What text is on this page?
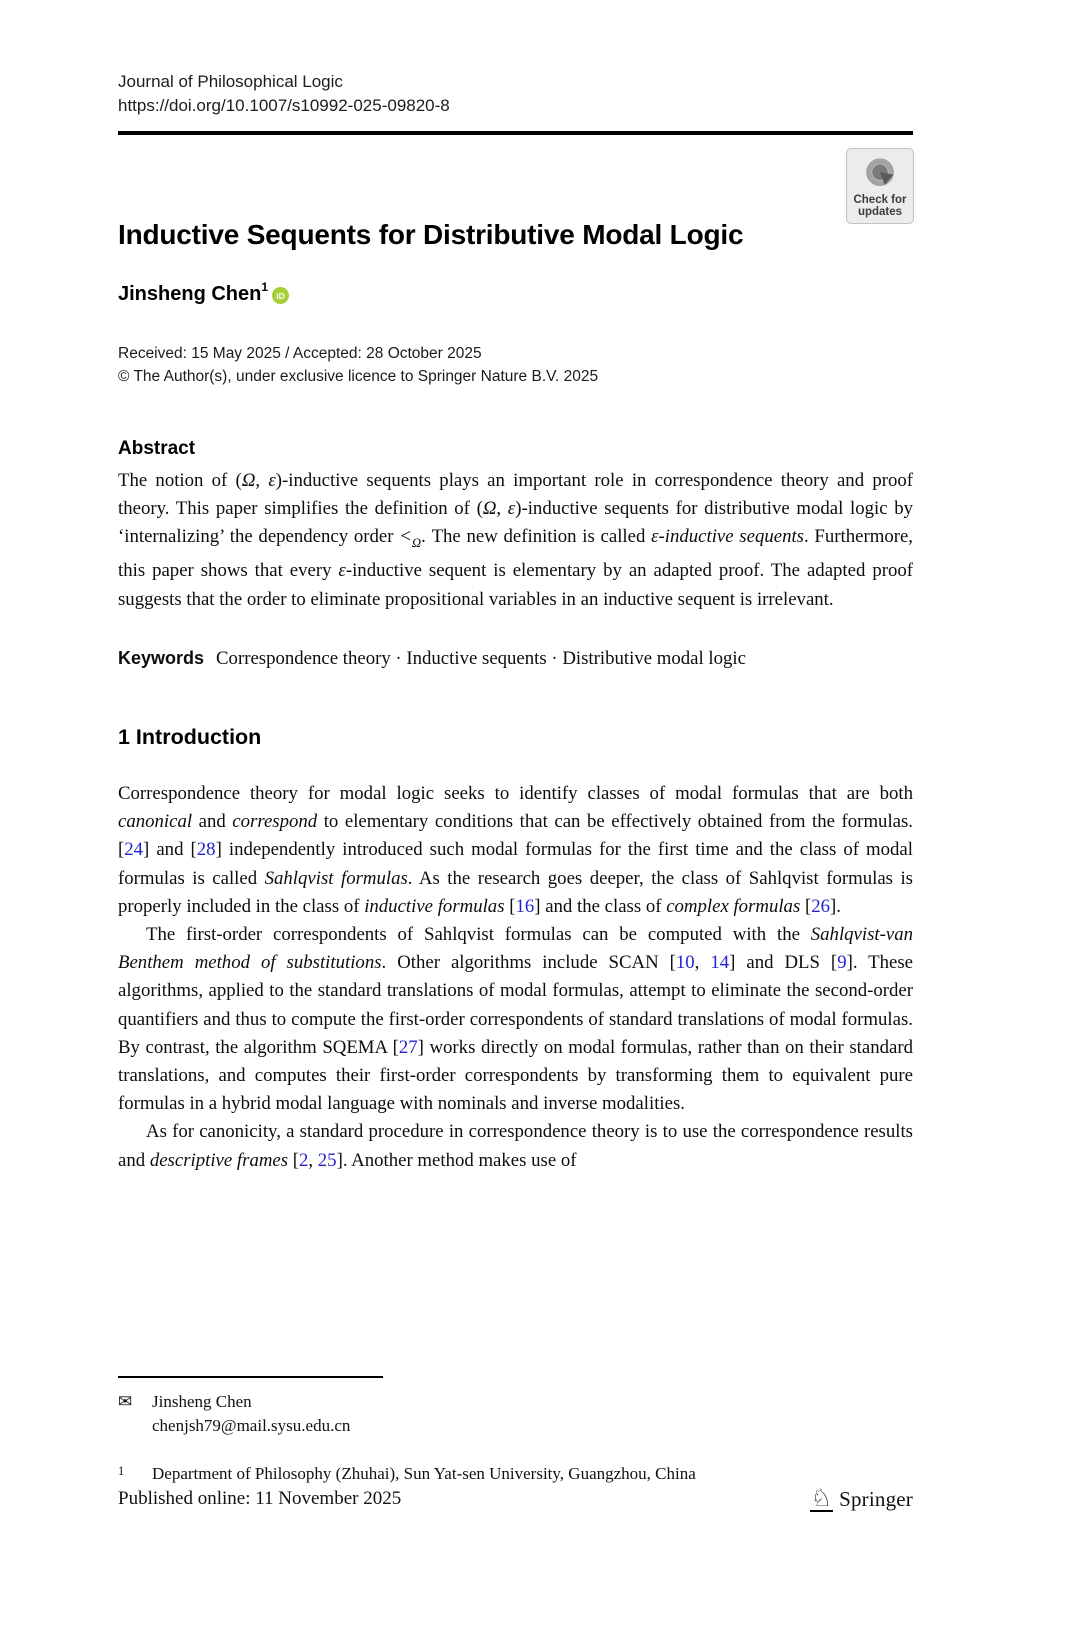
Journal of Philosophical Logic
https://doi.org/10.1007/s10992-025-09820-8
Inductive Sequents for Distributive Modal Logic
Jinsheng Chen$^1$
iD
Received: 15 May 2025 / Accepted: 28 October 2025
© The Author(s), under exclusive licence to Springer Nature B.V. 2025
Abstract
The notion of (Ω, ε)-inductive sequents plays an important role in correspondence theory and proof theory. This paper simplifies the definition of (Ω, ε)-inductive sequents for distributive modal logic by ‘internalizing’ the dependency order $<_\Omega$. The new definition is called ε-inductive sequents. Furthermore, this paper shows that every ε-inductive sequent is elementary by an adapted proof. The adapted proof suggests that the order to eliminate propositional variables in an inductive sequent is irrelevant.
Keywords Correspondence theory · Inductive sequents · Distributive modal logic
1 Introduction

Correspondence theory for modal logic seeks to identify classes of modal formulas that are both canonical and correspond to elementary conditions that can be effectively obtained from the formulas. [24] and [28] independently introduced such modal formulas for the first time and the class of modal formulas is called Sahlqvist formulas. As the research goes deeper, the class of Sahlqvist formulas is properly included in the class of inductive formulas [16] and the class of complex formulas [26].

The first-order correspondents of Sahlqvist formulas can be computed with the Sahlqvist-van Benthem method of substitutions. Other algorithms include SCAN [10, 14] and DLS [9]. These algorithms, applied to the standard translations of modal formulas, attempt to eliminate the second-order quantifiers and thus to compute the first-order correspondents of standard translations of modal formulas. By contrast, the algorithm SQEMA [27] works directly on modal formulas, rather than on their standard translations, and computes their first-order correspondents by transforming them to equivalent pure formulas in a hybrid modal language with nominals and inverse modalities.

As for canonicity, a standard procedure in correspondence theory is to use the correspondence results and descriptive frames [2, 25]. Another method makes use of

Check for
updates
✉	Jinsheng Chen
chenjsh79@mail.sysu.edu.cn
1	Department of Philosophy (Zhuhai), Sun Yat-sen University, Guangzhou, China
Published online: 11 November 2025	♘ Springer
